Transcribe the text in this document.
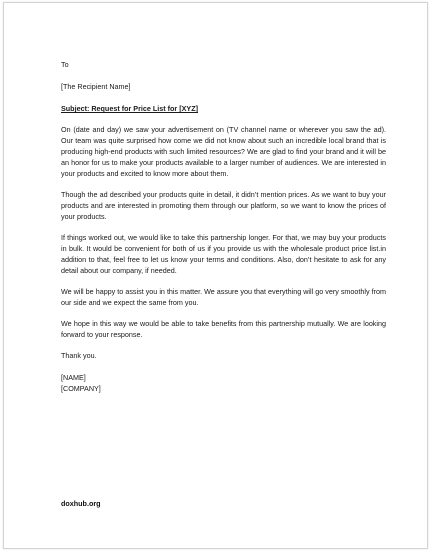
To

[The Recipient Name]

Subject: Request for Price List for [XYZ]

On (date and day) we saw your advertisement on (TV channel name or wherever you saw the ad). Our team was quite surprised how come we did not know about such an incredible local brand that is producing high-end products with such limited resources? We are glad to find your brand and it will be an honor for us to make your products available to a larger number of audiences. We are interested in your products and excited to know more about them.

Though the ad described your products quite in detail, it didn’t mention prices. As we want to buy your products and are interested in promoting them through our platform, so we want to know the prices of your products.

If things worked out, we would like to take this partnership longer. For that, we may buy your products in bulk. It would be convenient for both of us if you provide us with the wholesale product price list.in addition to that, feel free to let us know your terms and conditions. Also, don’t hesitate to ask for any detail about our company, if needed.

We will be happy to assist you in this matter. We assure you that everything will go very smoothly from our side and we expect the same from you.

We hope in this way we would be able to take benefits from this partnership mutually. We are looking forward to your response.

Thank you.

[NAME]

[COMPANY]

doxhub.org
